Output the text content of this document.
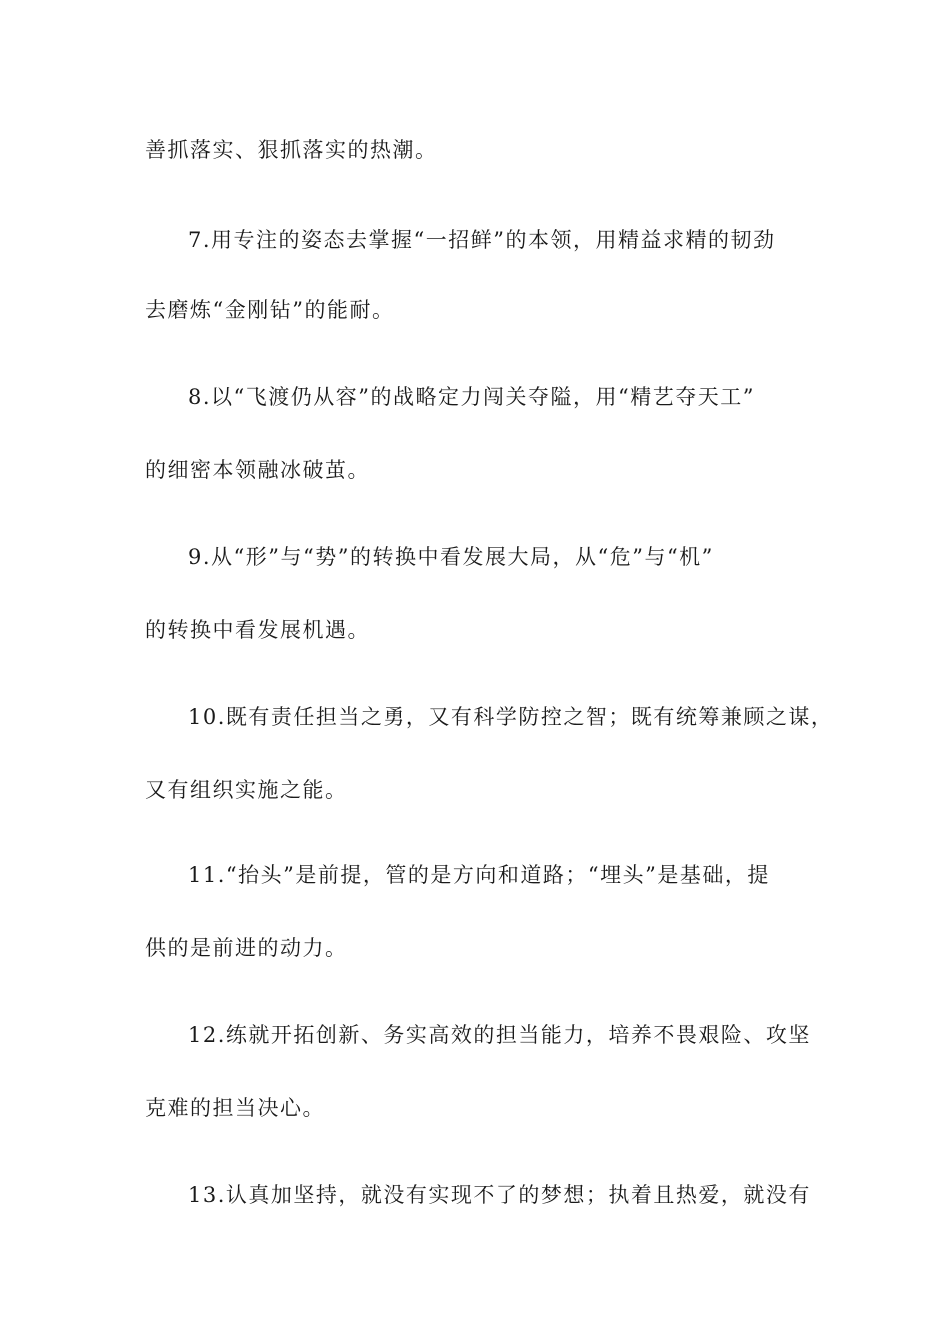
善抓落实、狠抓落实的热潮。
7.用专注的姿态去掌握“一招鲜”的本领，用精益求精的韧劲
去磨炼“金刚钻”的能耐。
8.以“飞渡仍从容”的战略定力闯关夺隘，用“精艺夺天工”
的细密本领融冰破茧。
9.从“形”与“势”的转换中看发展大局，从“危”与“机”
的转换中看发展机遇。
10.既有责任担当之勇，又有科学防控之智；既有统筹兼顾之谋，
又有组织实施之能。
11.“抬头”是前提，管的是方向和道路；“埋头”是基础，提
供的是前进的动力。
12.练就开拓创新、务实高效的担当能力，培养不畏艰险、攻坚
克难的担当决心。
13.认真加坚持，就没有实现不了的梦想；执着且热爱，就没有
